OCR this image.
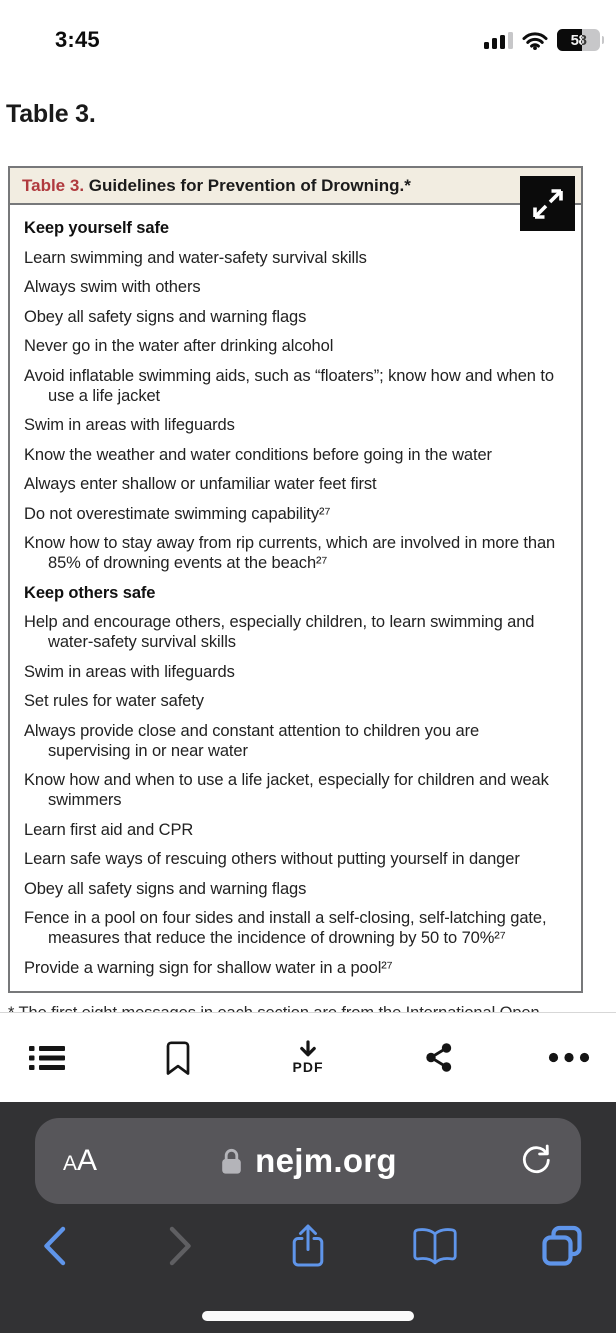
3:45	58
Table 3.
Table 3. Guidelines for Prevention of Drowning.*
Keep yourself safe
Learn swimming and water-safety survival skills
Always swim with others
Obey all safety signs and warning flags
Never go in the water after drinking alcohol
Avoid inflatable swimming aids, such as “floaters”; know how and when to use a life jacket
Swim in areas with lifeguards
Know the weather and water conditions before going in the water
Always enter shallow or unfamiliar water feet first
Do not overestimate swimming capability²⁷
Know how to stay away from rip currents, which are involved in more than 85% of drowning events at the beach²⁷
Keep others safe
Help and encourage others, especially children, to learn swimming and water-safety survival skills
Swim in areas with lifeguards
Set rules for water safety
Always provide close and constant attention to children you are supervising in or near water
Know how and when to use a life jacket, especially for children and weak swimmers
Learn first aid and CPR
Learn safe ways of rescuing others without putting yourself in danger
Obey all safety signs and warning flags
Fence in a pool on four sides and install a self-closing, self-latching gate, measures that reduce the incidence of drowning by 50 to 70%²⁷
Provide a warning sign for shallow water in a pool²⁷

PDF
AA	nejm.org
